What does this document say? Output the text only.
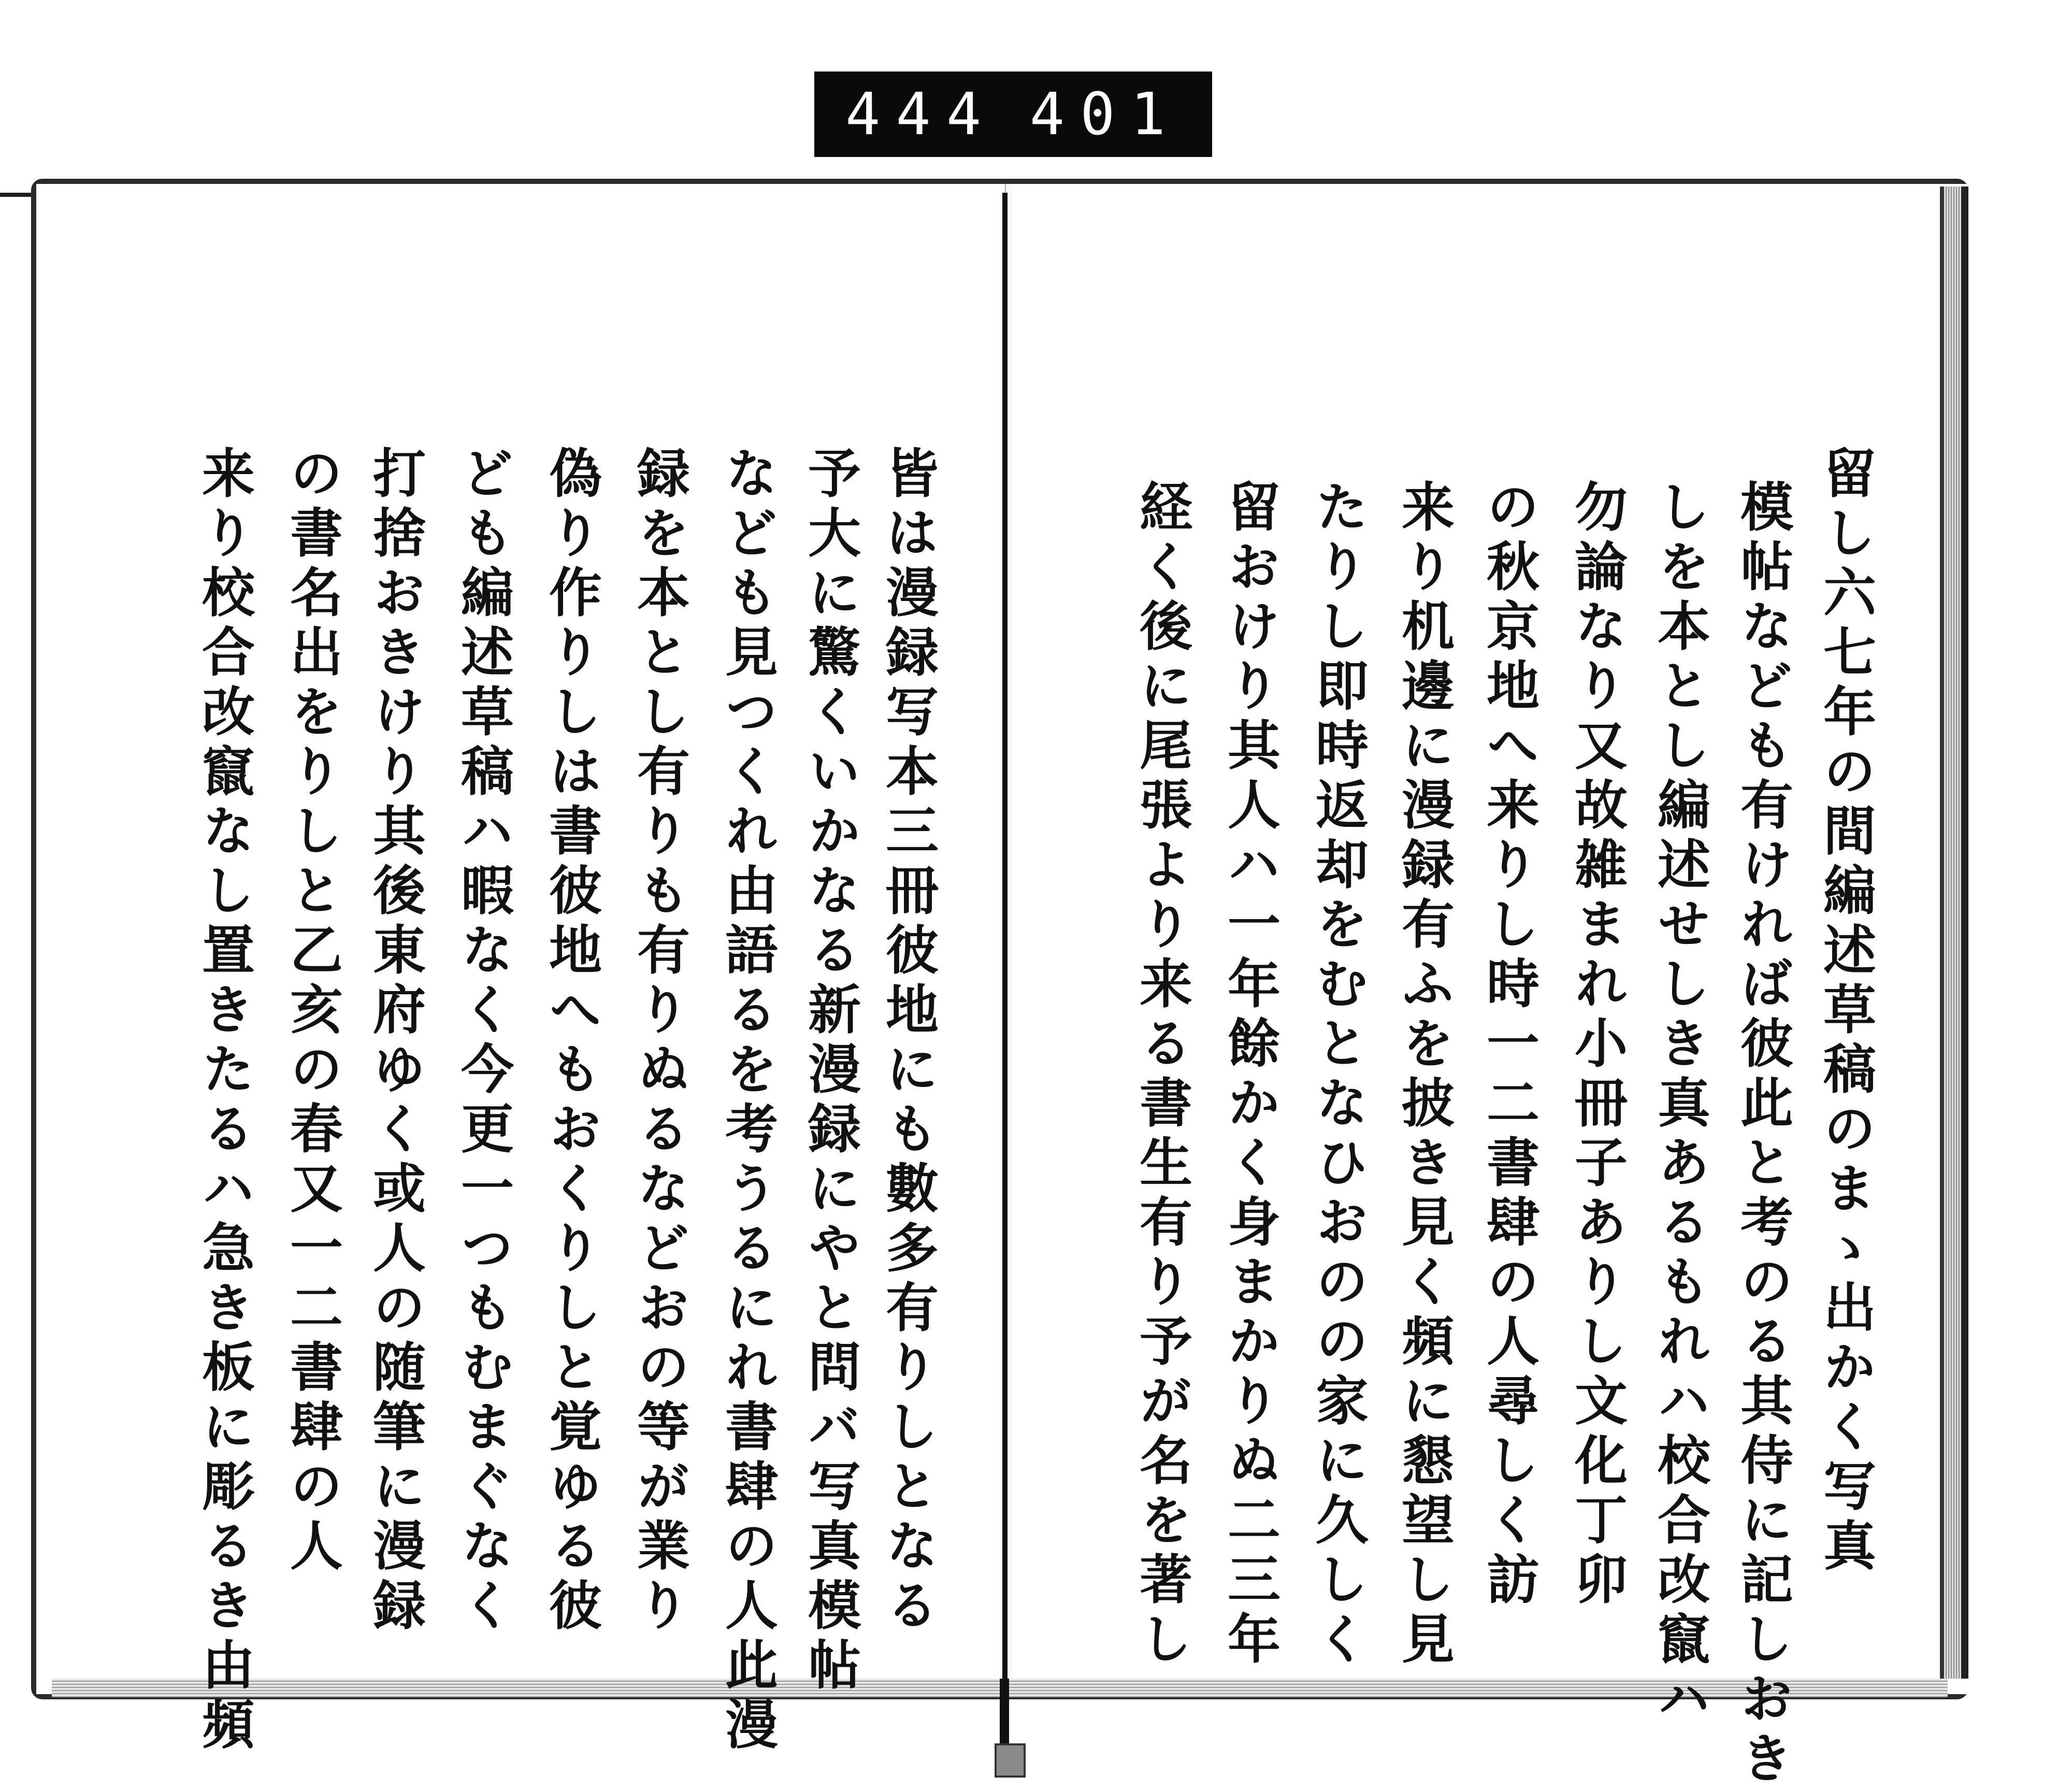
444 401
留し六七年の間編述草稿のまゝ出かく写真
模帖なども有ければ彼此と考のる其侍に記しおき
しを本とし編述せしき真あるもれハ校合改竄ハ
勿論なり又故雑まれ小冊子ありし文化丁卯
の秋京地へ来りし時一二書肆の人尋しく訪
来り机邊に漫録有ふを披き見く頻に懇望し見
たりし即時返却をむとなひおのの家に久しく
留おけり其人ハ一年餘かく身まかりぬ二三年
経く後に尾張より来る書生有り予が名を著し
皆は漫録写本三冊彼地にも數多有りしとなる
予大に驚くいかなる新漫録にやと問バ写真模帖
なども見つくれ由語るを考うるにれ書肆の人此漫
録を本とし有りも有りぬるなどおの等が業り
偽り作りしは書彼地へもおくりしと覚ゆる彼
ども編述草稿ハ暇なく今更一つもむまぐなく
打捨おきけり其後東府ゆく或人の随筆に漫録
の書名出をりしと乙亥の春又一二書肆の人
来り校合改竄なし置きたるハ急き板に彫るき由頻
